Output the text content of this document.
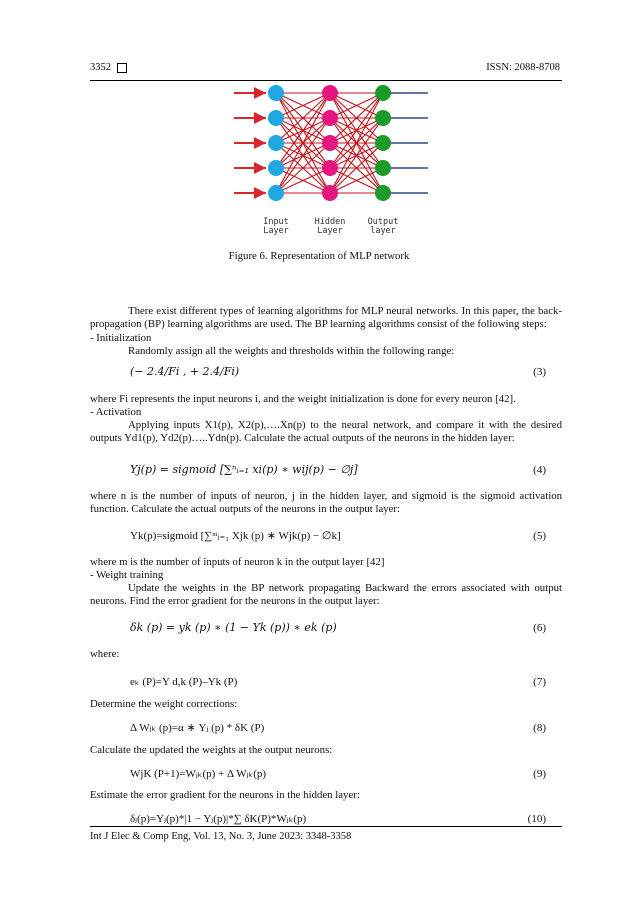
3352	ISSN: 2088-8708
Input
Layer
Hidden
Layer
Output
layer
Figure 6. Representation of MLP network
There exist different types of learning algorithms for MLP neural networks. In this paper, the back-propagation (BP) learning algorithms are used. The BP learning algorithms consist of the following steps:
- Initialization
Randomly assign all the weights and thresholds within the following range:
(− 2.4/Fi , + 2.4/Fi)	(3)
where Fi represents the input neurons i, and the weight initialization is done for every neuron [42].
- Activation
Applying inputs X1(p), X2(p),….Xn(p) to the neural network, and compare it with the desired outputs Yd1(p), Yd2(p)…..Ydn(p). Calculate the actual outputs of the neurons in the hidden layer:
Yj(p) = sigmoid [∑ⁿᵢ₌₁ xi(p) ∗ wij(p) − ∅j]	(4)
where n is the number of inputs of neuron, j in the hidden layer, and sigmoid is the sigmoid activation function. Calculate the actual outputs of the neurons in the output layer:
Yk(p)=sigmoid [∑ᵐⱼ₌₁ Xjk (p) ∗ Wjk(p) − ∅k]	(5)
where m is the number of inputs of neuron k in the output layer [42]
- Weight training
Update the weights in the BP network propagating Backward the errors associated with output neurons. Find the error gradient for the neurons in the output layer:
δk (p) = yk (p) ∗ (1 − Yk (p)) ∗ ek (p)	(6)
where:
eₖ (P)=Y d,k (P)–Yk (P)	(7)
Determine the weight corrections:
Δ Wⱼₖ (p)=α ∗ Yⱼ (p) * δK (P)	(8)
Calculate the updated the weights at the output neurons:
WjK (P+1)=Wⱼₖ(p) + Δ Wⱼₖ(p)	(9)
Estimate the error gradient for the neurons in the hidden layer:
δⱼ(p)=Yⱼ(p)*|1 − Yⱼ(p)|*∑ δK(P)*Wⱼₖ(p)	(10)
Int J Elec & Comp Eng, Vol. 13, No. 3, June 2023: 3348-3358
